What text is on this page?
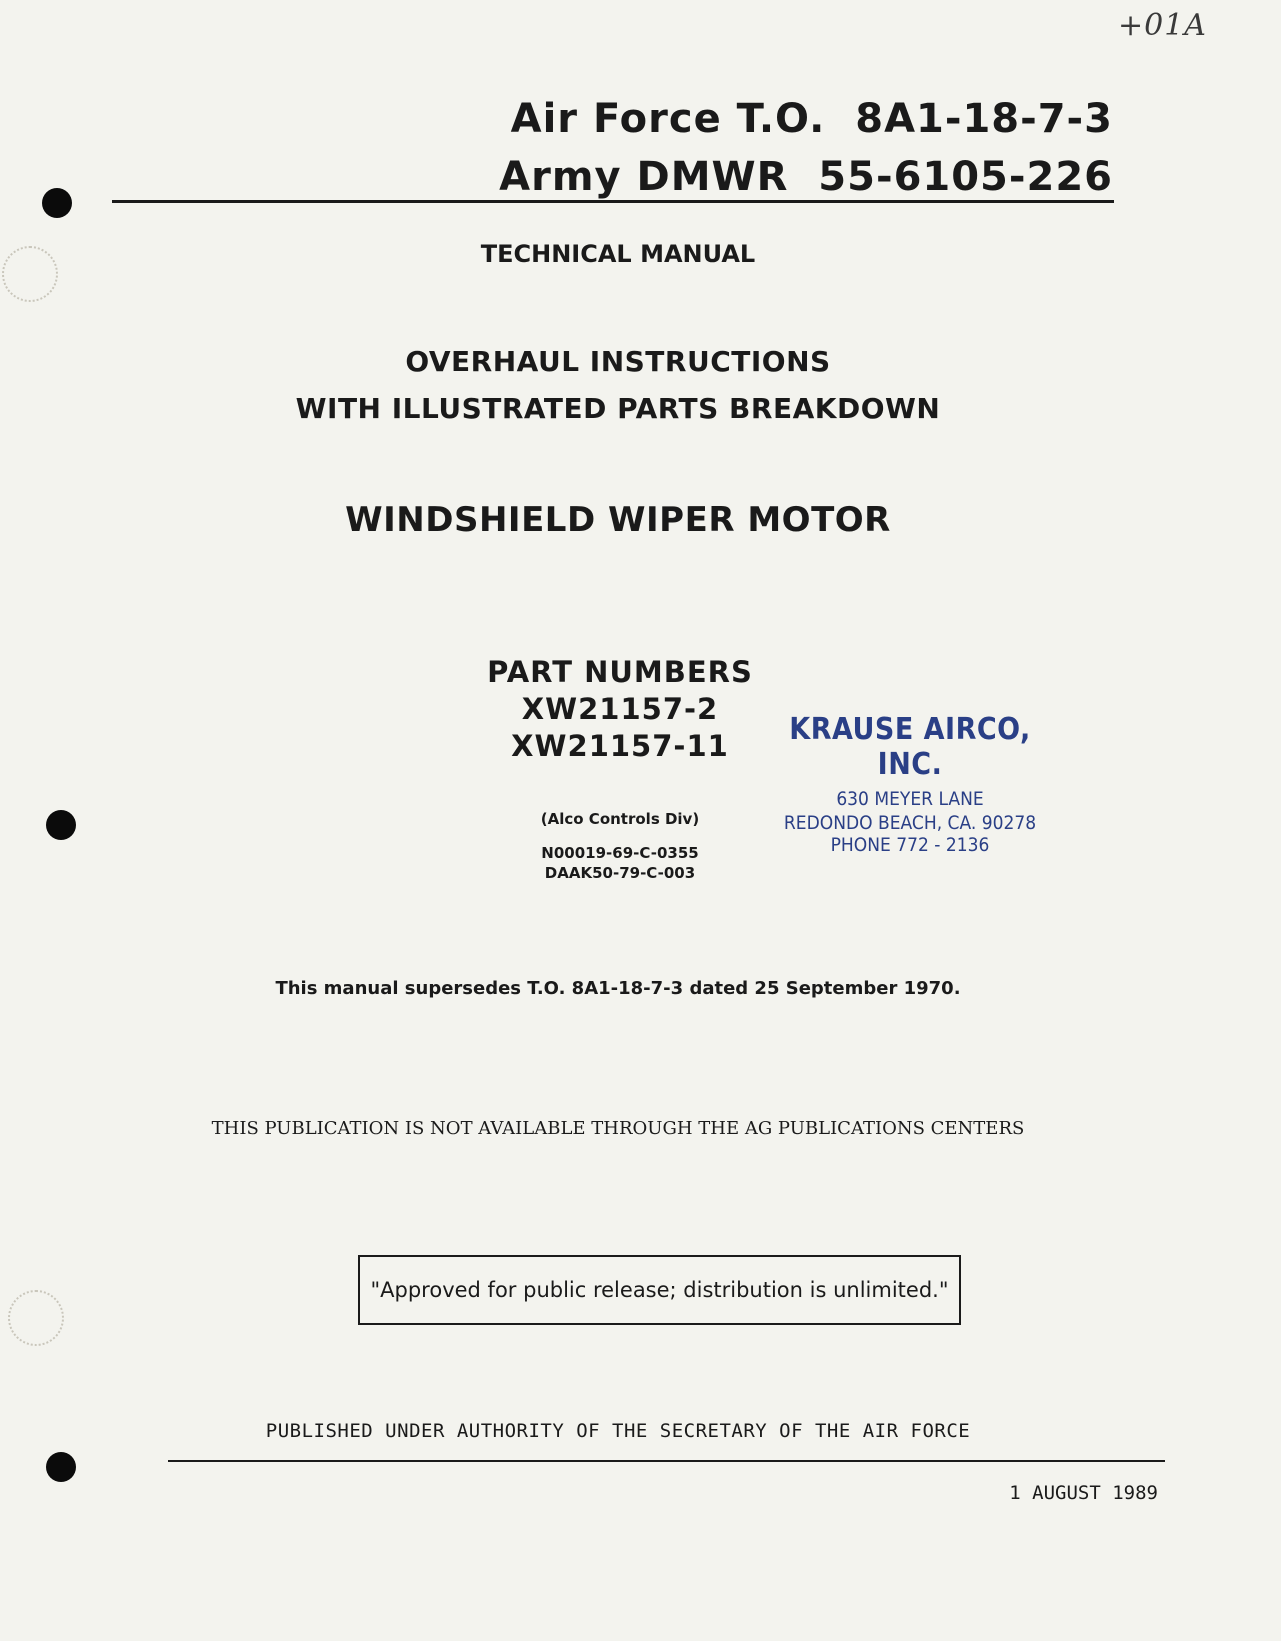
+01A
Air Force T.O. 8A1-18-7-3
Army DMWR 55-6105-226
TECHNICAL MANUAL
OVERHAUL INSTRUCTIONS
WITH ILLUSTRATED PARTS BREAKDOWN
WINDSHIELD WIPER MOTOR
PART NUMBERS
XW21157-2
XW21157-11
(Alco Controls Div)
N00019-69-C-0355
DAAK50-79-C-003
KRAUSE AIRCO, INC.
630 MEYER LANE
REDONDO BEACH, CA. 90278
PHONE 772 - 2136
This manual supersedes T.O. 8A1-18-7-3 dated 25 September 1970.
THIS PUBLICATION IS NOT AVAILABLE THROUGH THE AG PUBLICATIONS CENTERS
"Approved for public release; distribution is unlimited."
PUBLISHED UNDER AUTHORITY OF THE SECRETARY OF THE AIR FORCE
1 AUGUST 1989
